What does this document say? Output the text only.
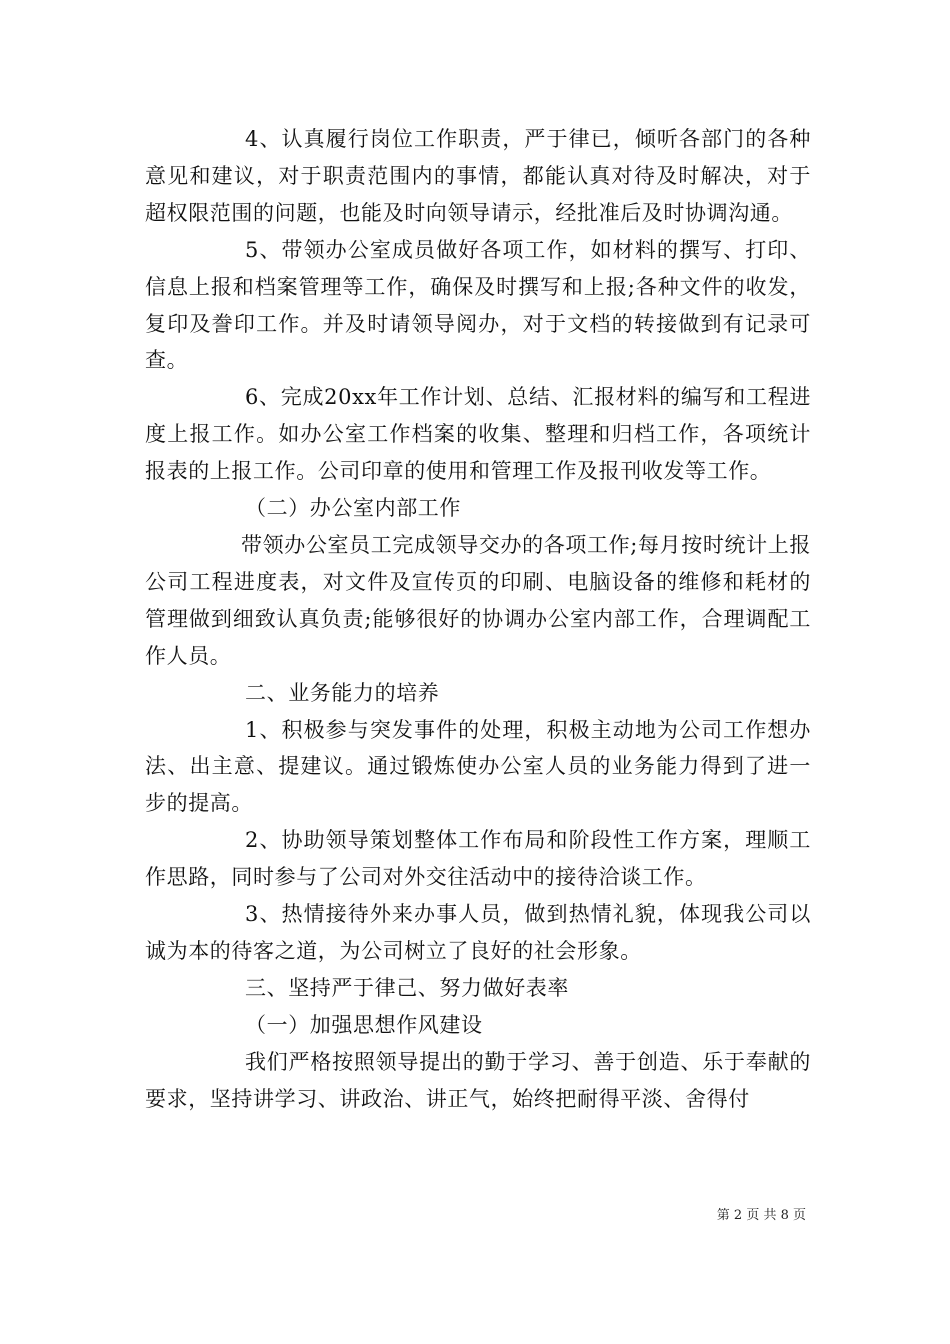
4、认真履行岗位工作职责，严于律已，倾听各部门的各种意见和建议，对于职责范围内的事情，都能认真对待及时解决，对于超权限范围的问题，也能及时向领导请示，经批准后及时协调沟通。

5、带领办公室成员做好各项工作，如材料的撰写、打印、信息上报和档案管理等工作，确保及时撰写和上报;各种文件的收发，复印及誊印工作。并及时请领导阅办，对于文档的转接做到有记录可查。

6、完成20xx年工作计划、总结、汇报材料的编写和工程进度上报工作。如办公室工作档案的收集、整理和归档工作，各项统计报表的上报工作。公司印章的使用和管理工作及报刊收发等工作。

（二）办公室内部工作

带领办公室员工完成领导交办的各项工作;每月按时统计上报公司工程进度表，对文件及宣传页的印刷、电脑设备的维修和耗材的管理做到细致认真负责;能够很好的协调办公室内部工作，合理调配工作人员。

二、业务能力的培养

1、积极参与突发事件的处理，积极主动地为公司工作想办法、出主意、提建议。通过锻炼使办公室人员的业务能力得到了进一步的提高。

2、协助领导策划整体工作布局和阶段性工作方案，理顺工作思路，同时参与了公司对外交往活动中的接待洽谈工作。

3、热情接待外来办事人员，做到热情礼貌，体现我公司以诚为本的待客之道，为公司树立了良好的社会形象。

三、坚持严于律己、努力做好表率

（一）加强思想作风建设

我们严格按照领导提出的勤于学习、善于创造、乐于奉献的要求，坚持讲学习、讲政治、讲正气，始终把耐得平淡、舍得付

第 2 页 共 8 页
